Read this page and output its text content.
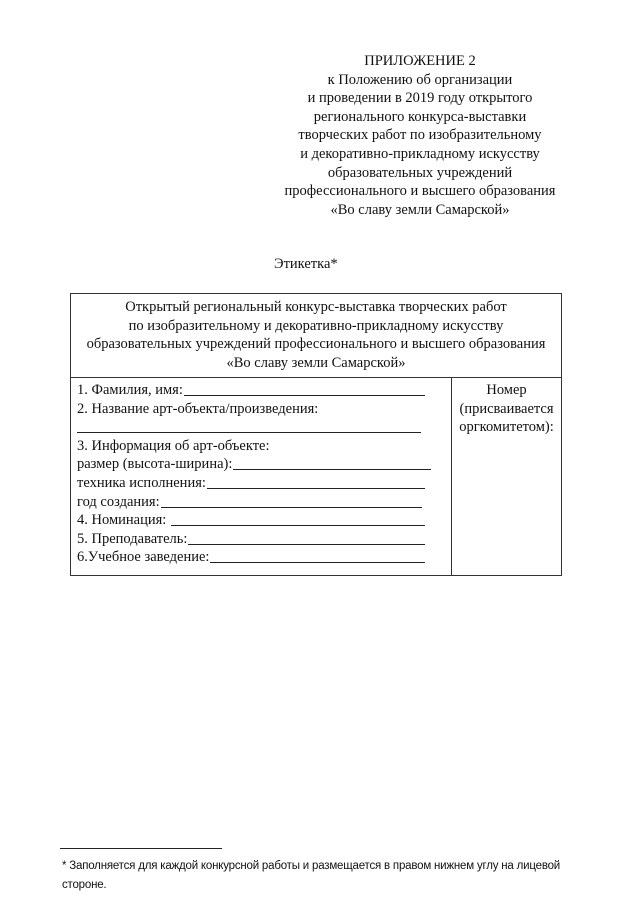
ПРИЛОЖЕНИЕ 2
к Положению об организации
и проведении в 2019 году открытого
регионального конкурса-выставки
творческих работ по изобразительному
и декоративно-прикладному искусству
образовательных учреждений
профессионального и высшего образования
«Во славу земли Самарской»
Этикетка*
Открытый региональный конкурс-выставка творческих работ
по изобразительному и декоративно-прикладному искусству
образовательных учреждений профессионального и высшего образования
«Во славу земли Самарской»
1. Фамилия, имя:
2. Название арт-объекта/произведения:
3. Информация об арт-объекте:
размер (высота-ширина):
техника исполнения:
год создания:
4. Номинация:
5. Преподаватель:
6.Учебное заведение:
Номер
(присваивается
оргкомитетом):
* Заполняется для каждой конкурсной работы и размещается в правом нижнем углу на лицевой стороне.
